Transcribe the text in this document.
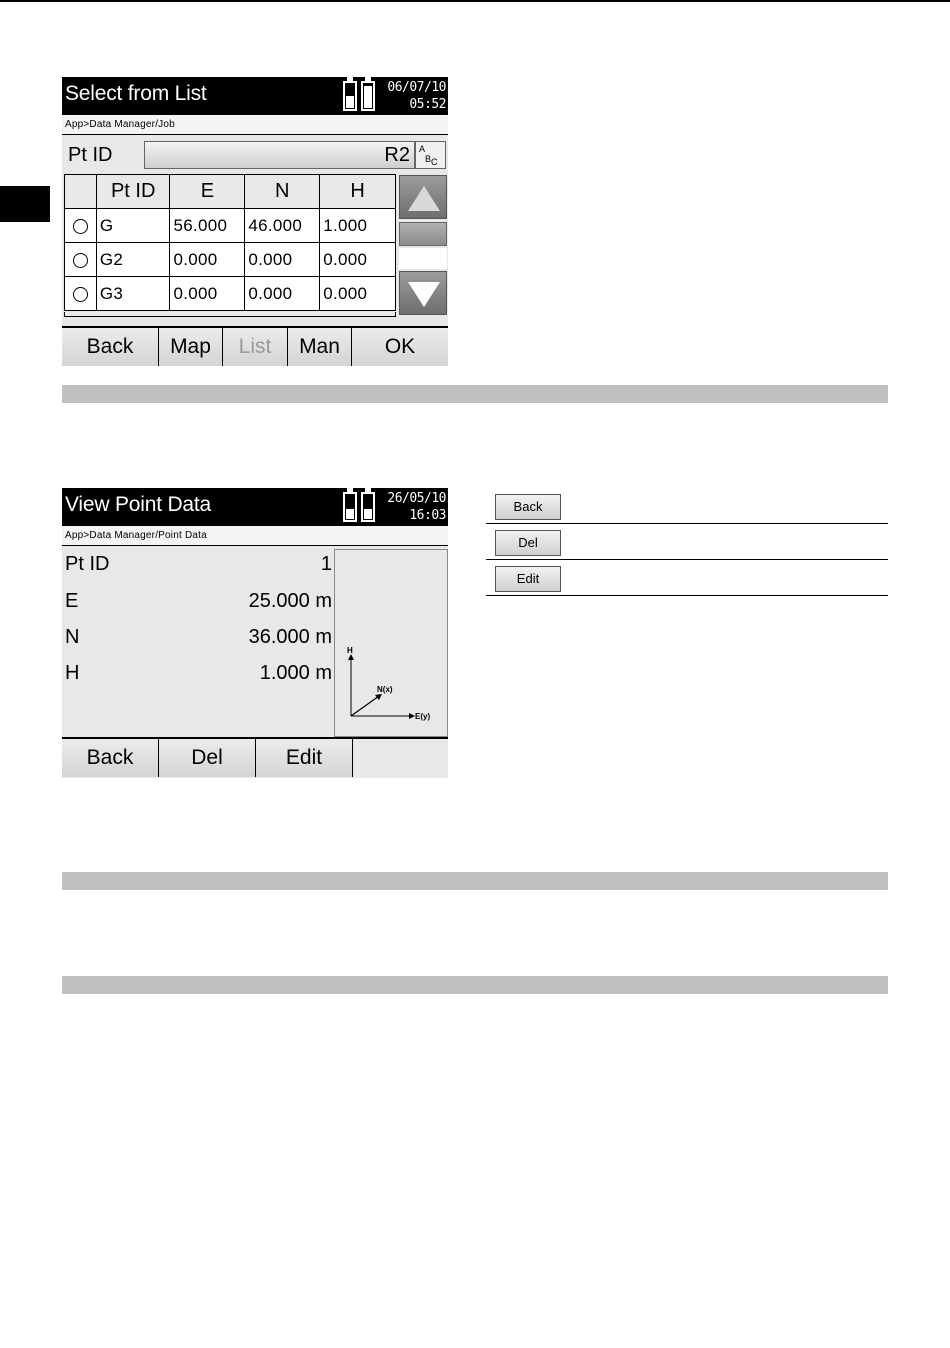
Select from List	06/07/10
05:52
App>Data Manager/Job
Pt ID	R2	A
BC
	Pt ID	E	N	H
	G	56.000	46.000	1.000
	G2	0.000	0.000	0.000
	G3	0.000	0.000	0.000
Back	Map	List	Man	OK
View Point Data	26/05/10
16:03
App>Data Manager/Point Data
Pt ID	1
E	25.000 m
N	36.000 m
H	1.000 m
H
N(x)
E(y)
Back	Del	Edit
Back
Del
Edit
